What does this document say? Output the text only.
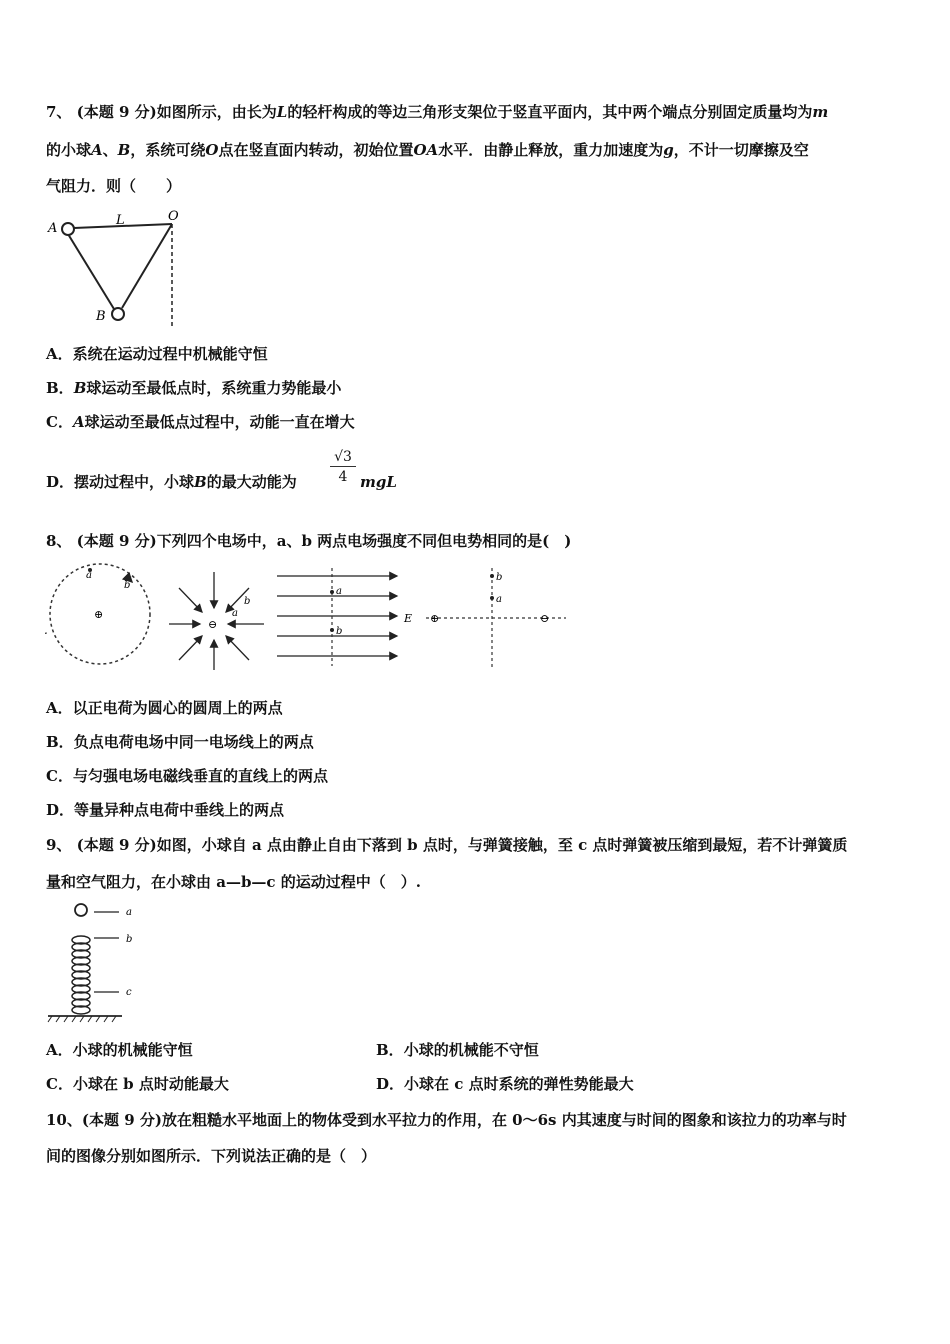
7、 (本题 9 分)如图所示，由长为L的轻杆构成的等边三角形支架位于竖直平面内，其中两个端点分别固定质量均为m
的小球A、B，系统可绕O点在竖直面内转动，初始位置OA水平．由静止释放，重力加速度为g，不计一切摩擦及空
气阻力．则（　　）
A
L	O
B
A．系统在运动过程中机械能守恒
B．B球运动至最低点时，系统重力势能最小
C．A球运动至最低点过程中，动能一直在增大
D．摆动过程中，小球B的最大动能为 $\frac{√3}{4}$ mgL
8、 (本题 9 分)下列四个电场中，a、b 两点电场强度不同但电势相同的是(　)
⊕
a
b
.	⊖
a
b
a
b
E ⊕	⊖
b
a
A．以正电荷为圆心的圆周上的两点
B．负点电荷电场中同一电场线上的两点
C．与匀强电场电磁线垂直的直线上的两点
D．等量异种点电荷中垂线上的两点
9、 (本题 9 分)如图，小球自 a 点由静止自由下落到 b 点时，与弹簧接触，至 c 点时弹簧被压缩到最短，若不计弹簧质
量和空气阻力，在小球由 a—b—c 的运动过程中（　）.
a
b
c
A．小球的机械能守恒	B．小球的机械能不守恒
C．小球在 b 点时动能最大	D．小球在 c 点时系统的弹性势能最大
10、(本题 9 分)放在粗糙水平地面上的物体受到水平拉力的作用，在 0～6s 内其速度与时间的图象和该拉力的功率与时
间的图像分别如图所示．下列说法正确的是（　）
